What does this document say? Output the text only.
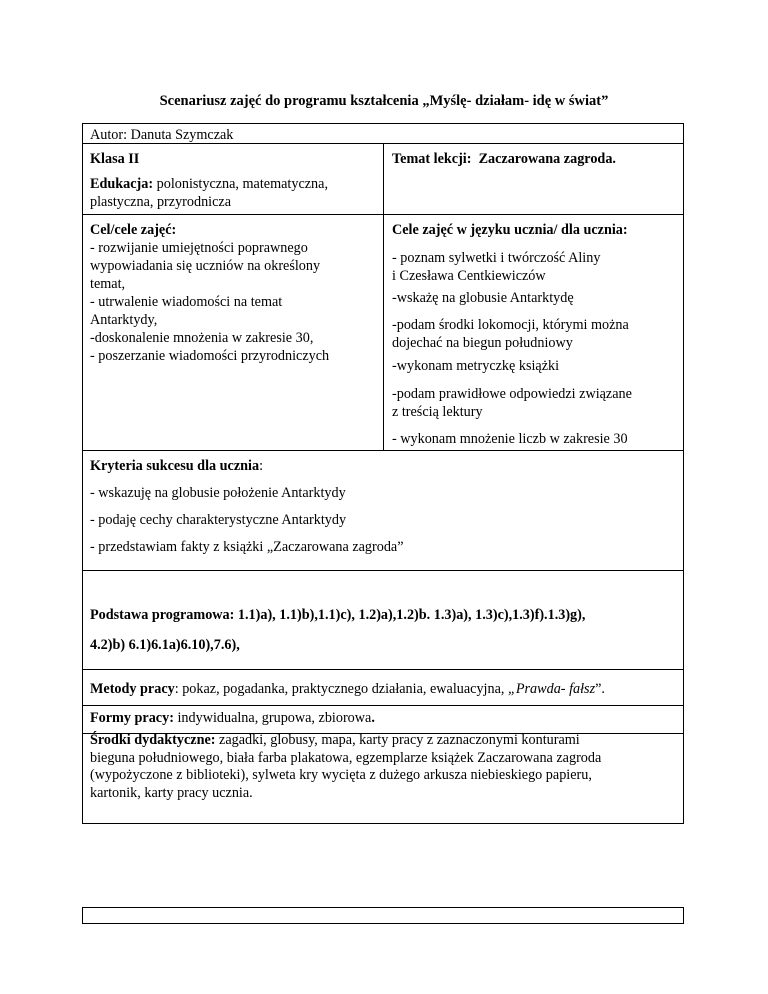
Scenariusz zajęć do programu kształcenia „Myślę- działam- idę w świat”
Autor: Danuta Szymczak
Klasa II	Temat lekcji: Zaczarowana zagroda.

Edukacja: polonistyczna, matematyczna,

plastyczna, przyrodnicza

Cel/cele zajęć:

- rozwijanie umiejętności poprawnego

wypowiadania się uczniów na określony

temat,

- utrwalenie wiadomości na temat

Antarktydy,

-doskonalenie mnożenia w zakresie 30,

- poszerzanie wiadomości przyrodniczych

Cele zajęć w języku ucznia/ dla ucznia:

- poznam sylwetki i twórczość Aliny

i Czesława Centkiewiczów

-wskażę na globusie Antarktydę

-podam środki lokomocji, którymi można

dojechać na biegun południowy

-wykonam metryczkę książki

-podam prawidłowe odpowiedzi związane

z treścią lektury

- wykonam mnożenie liczb w zakresie 30
Kryteria sukcesu dla ucznia:
- wskazuję na globusie położenie Antarktydy
- podaję cechy charakterystyczne Antarktydy
- przedstawiam fakty z książki „Zaczarowana zagroda”
Podstawa programowa: 1.1)a), 1.1)b),1.1)c), 1.2)a),1.2)b. 1.3)a), 1.3)c),1.3)f).1.3)g),
4.2)b) 6.1)6.1a)6.10),7.6),
Metody pracy: pokaz, pogadanka, praktycznego działania, ewaluacyjna, „Prawda- fałsz”.
Formy pracy: indywidualna, grupowa, zbiorowa.

Środki dydaktyczne: zagadki, globusy, mapa, karty pracy z zaznaczonymi konturami

bieguna południowego, biała farba plakatowa, egzemplarze książek Zaczarowana zagroda

(wypożyczone z biblioteki), sylweta kry wycięta z dużego arkusza niebieskiego papieru,

kartonik, karty pracy ucznia.
